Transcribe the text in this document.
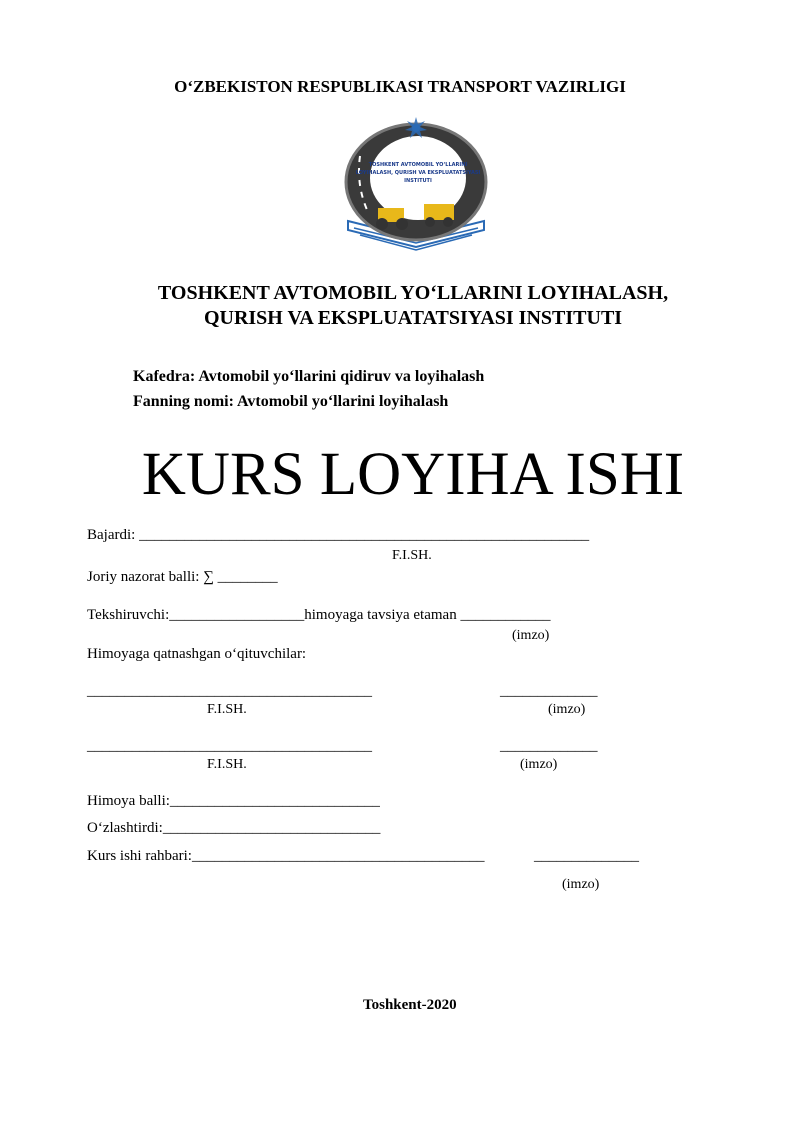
O‘ZBEKISTON RESPUBLIKASI TRANSPORT VAZIRLIGI
TOSHKENT AVTOMOBIL YO‘LLARINI
LOYIHALASH, QURISH VA EKSPLUATATSIYASI
INSTITUTI
TOSHKENT AVTOMOBIL YO‘LLARINI LOYIHALASH,
QURISH VA EKSPLUATATSIYASI INSTITUTI
Kafedra: Avtomobil yo‘llarini qidiruv va loyihalash
Fanning nomi: Avtomobil yo‘llarini loyihalash
KURS LOYIHA ISHI
Bajardi: ____________________________________________________________
F.I.SH.
Joriy nazorat balli: ∑ ________
Tekshiruvchi:__________________himoyaga tavsiya etaman ____________
(imzo)
Himoyaga qatnashgan o‘qituvchilar:
______________________________________	_____________
F.I.SH.	(imzo)
______________________________________	_____________
F.I.SH.	(imzo)
Himoya balli:____________________________
O‘zlashtirdi:_____________________________
Kurs ishi rahbari:_______________________________________	______________
(imzo)
Toshkent-2020
